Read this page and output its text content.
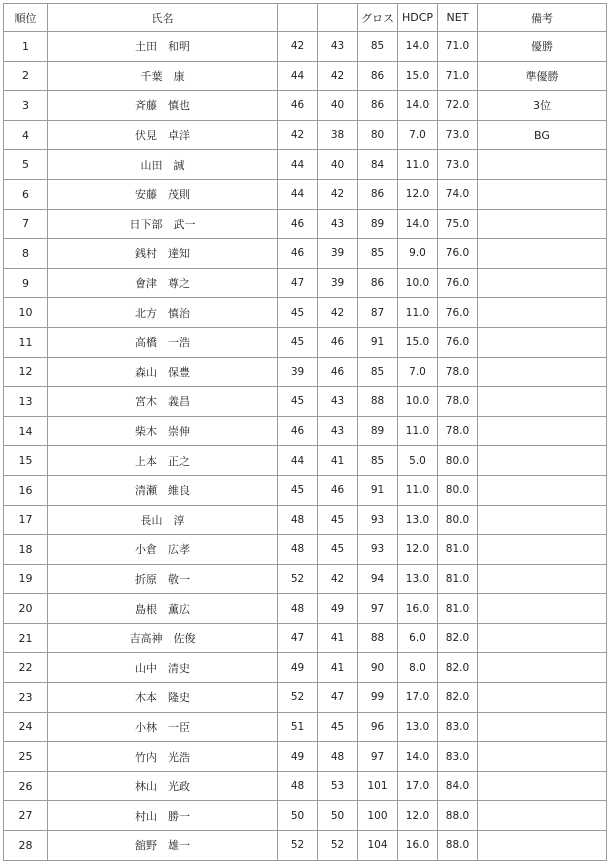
順位	氏名			グロス	HDCP	NET	備考
1	土田　和明	42	43	85	14.0	71.0	優勝
2	千葉　康	44	42	86	15.0	71.0	準優勝
3	斉藤　慎也	46	40	86	14.0	72.0	3位
4	伏見　卓洋	42	38	80	7.0	73.0	BG
5	山田　誠	44	40	84	11.0	73.0	
6	安藤　茂則	44	42	86	12.0	74.0	
7	日下部　武一	46	43	89	14.0	75.0	
8	銭村　達知	46	39	85	9.0	76.0	
9	會津　尊之	47	39	86	10.0	76.0	
10	北方　慎治	45	42	87	11.0	76.0	
11	高橋　一浩	45	46	91	15.0	76.0	
12	森山　保豊	39	46	85	7.0	78.0	
13	宮木　義昌	45	43	88	10.0	78.0	
14	柴木　崇伸	46	43	89	11.0	78.0	
15	上本　正之	44	41	85	5.0	80.0	
16	清瀬　維良	45	46	91	11.0	80.0	
17	長山　淳	48	45	93	13.0	80.0	
18	小倉　広孝	48	45	93	12.0	81.0	
19	折原　敬一	52	42	94	13.0	81.0	
20	島根　薫広	48	49	97	16.0	81.0	
21	吉高神　佐俊	47	41	88	6.0	82.0	
22	山中　清史	49	41	90	8.0	82.0	
23	木本　隆史	52	47	99	17.0	82.0	
24	小林　一臣	51	45	96	13.0	83.0	
25	竹内　光浩	49	48	97	14.0	83.0	
26	林山　光政	48	53	101	17.0	84.0	
27	村山　勝一	50	50	100	12.0	88.0	
28	舘野　雄一	52	52	104	16.0	88.0	
